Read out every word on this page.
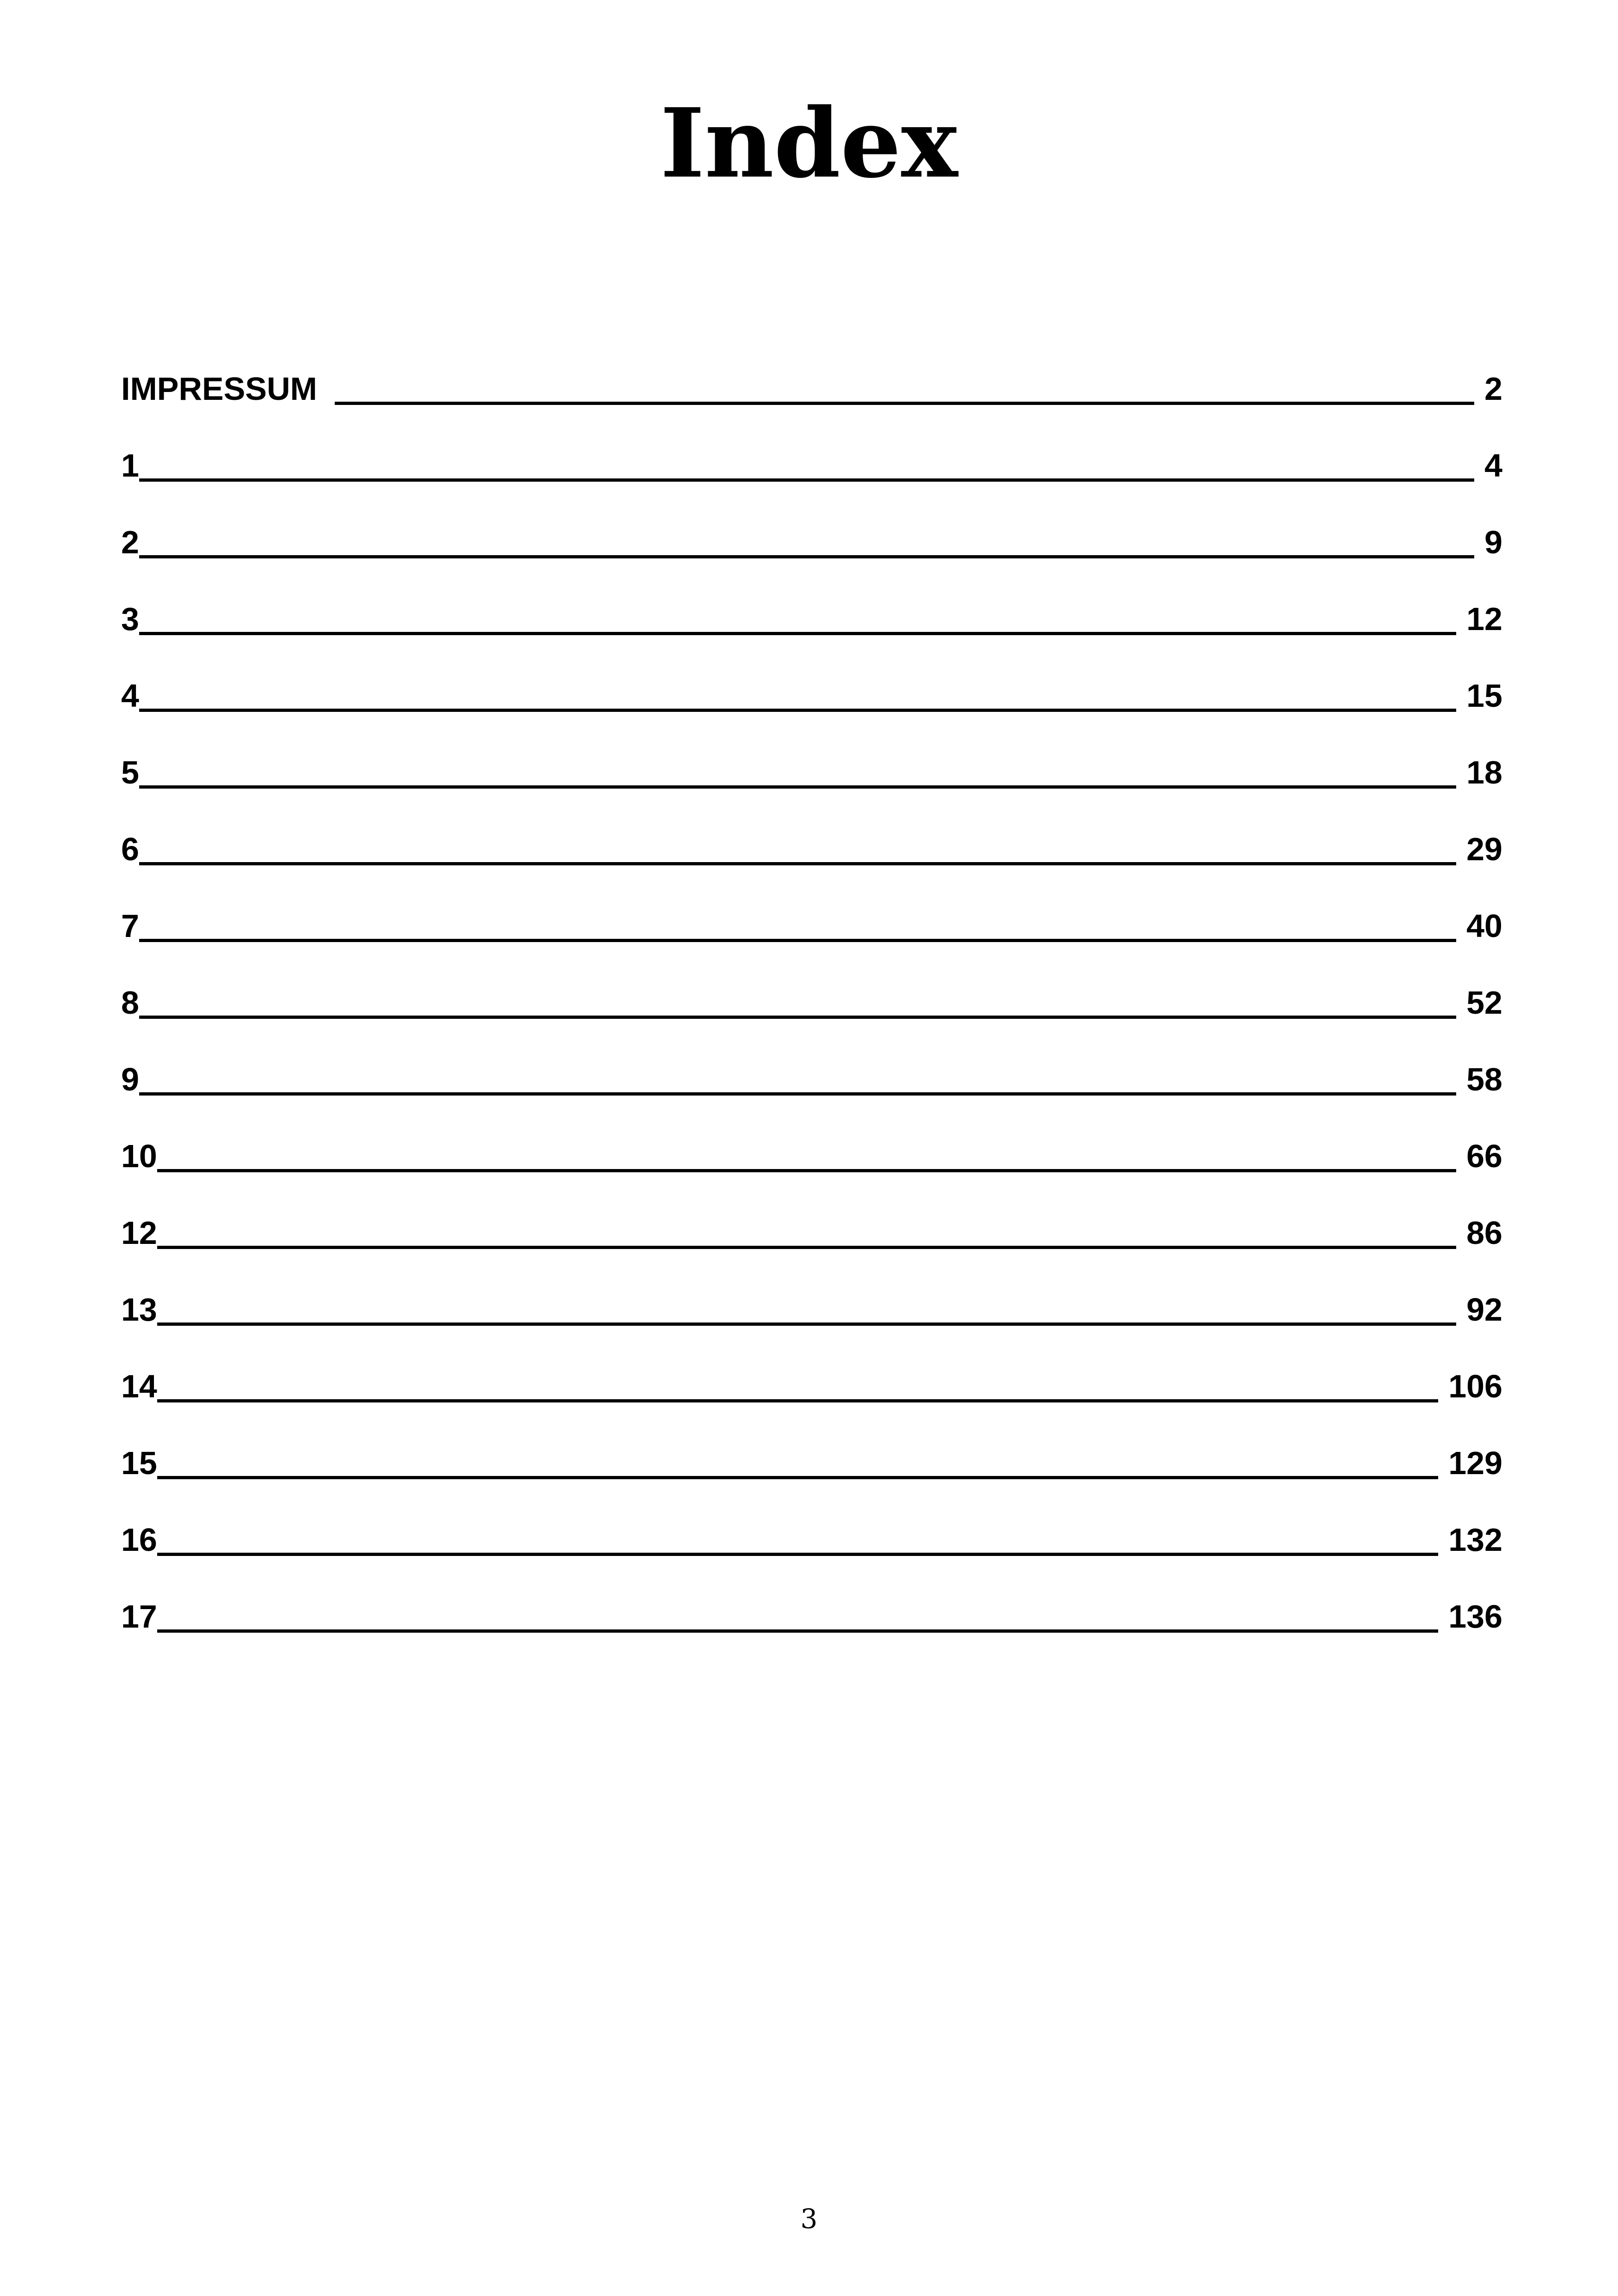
Index
IMPRESSUM	2
1	4
2	9
3	12
4	15
5	18
6	29
7	40
8	52
9	58
10	66
12	86
13	92
14	106
15	129
16	132
17	136
3
